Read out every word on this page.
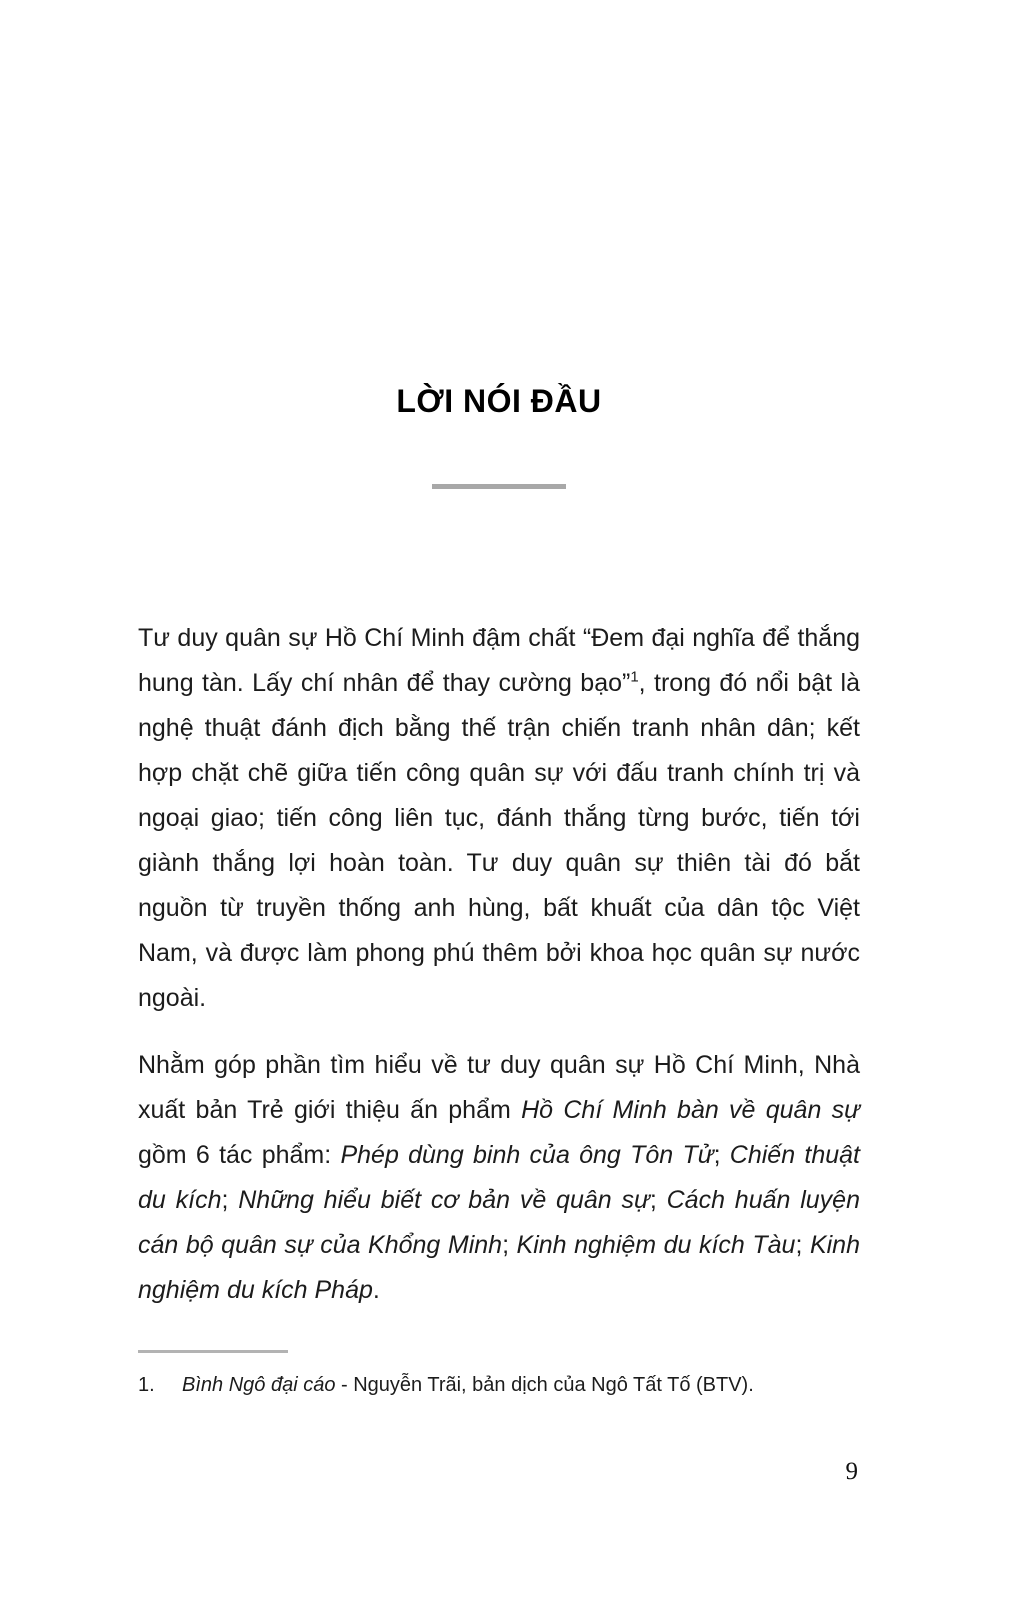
LỜI NÓI ĐẦU

Tư duy quân sự Hồ Chí Minh đậm chất “Đem đại nghĩa để thắng hung tàn. Lấy chí nhân để thay cường bạo”$^1$, trong đó nổi bật là nghệ thuật đánh địch bằng thế trận chiến tranh nhân dân; kết hợp chặt chẽ giữa tiến công quân sự với đấu tranh chính trị và ngoại giao; tiến công liên tục, đánh thắng từng bước, tiến tới giành thắng lợi hoàn toàn. Tư duy quân sự thiên tài đó bắt nguồn từ truyền thống anh hùng, bất khuất của dân tộc Việt Nam, và được làm phong phú thêm bởi khoa học quân sự nước ngoài.

Nhằm góp phần tìm hiểu về tư duy quân sự Hồ Chí Minh, Nhà xuất bản Trẻ giới thiệu ấn phẩm Hồ Chí Minh bàn về quân sự gồm 6 tác phẩm: Phép dùng binh của ông Tôn Tử; Chiến thuật du kích; Những hiểu biết cơ bản về quân sự; Cách huấn luyện cán bộ quân sự của Khổng Minh; Kinh nghiệm du kích Tàu; Kinh nghiệm du kích Pháp.

1.	Bình Ngô đại cáo - Nguyễn Trãi, bản dịch của Ngô Tất Tố (BTV).
9
